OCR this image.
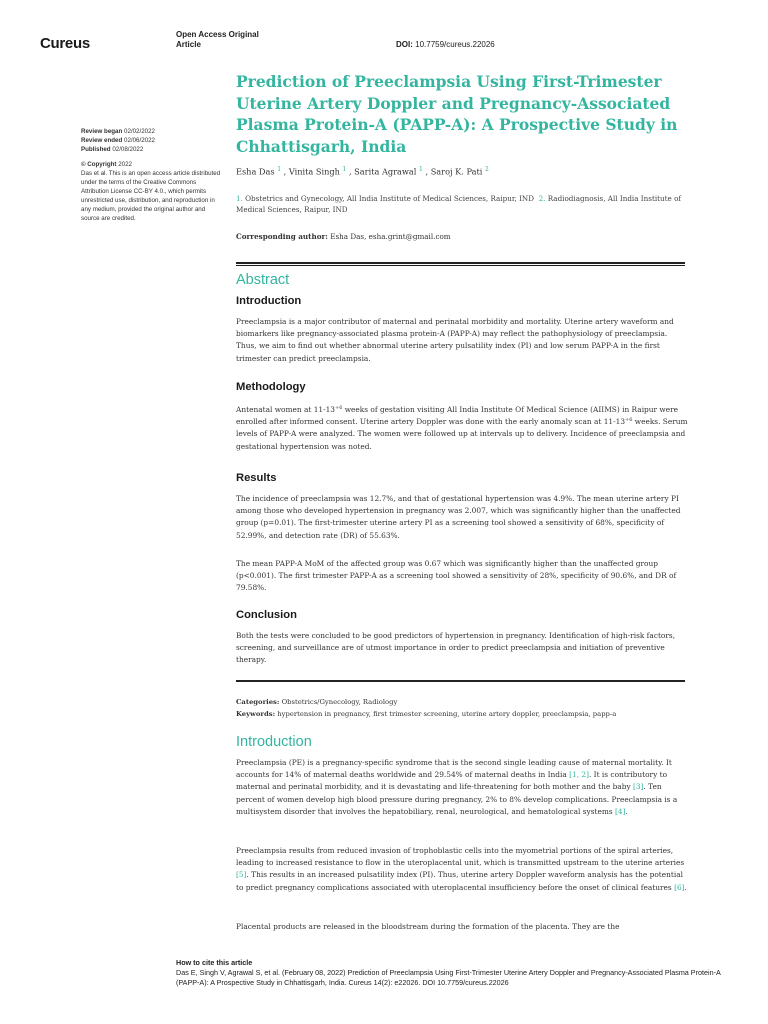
Cureus
Open Access Original
Article	DOI: 10.7759/cureus.22026
Prediction of Preeclampsia Using First-Trimester Uterine Artery Doppler and Pregnancy-Associated Plasma Protein-A (PAPP-A): A Prospective Study in Chhattisgarh, India
Esha Das $^1$ , Vinita Singh $^1$ , Sarita Agrawal $^1$ , Saroj K. Pati $^2$
1. Obstetrics and Gynecology, All India Institute of Medical Sciences, Raipur, IND 2. Radiodiagnosis, All India Institute of Medical Sciences, Raipur, IND
Corresponding author: Esha Das, esha.grint@gmail.com
Review began 02/02/2022
Review ended 02/06/2022
Published 02/08/2022
© Copyright 2022
Das et al. This is an open access article distributed under the terms of the Creative Commons Attribution License CC-BY 4.0., which permits unrestricted use, distribution, and reproduction in any medium, provided the original author and source are credited.
Abstract
Introduction
Preeclampsia is a major contributor of maternal and perinatal morbidity and mortality. Uterine artery waveform and biomarkers like pregnancy-associated plasma protein-A (PAPP-A) may reflect the pathophysiology of preeclampsia. Thus, we aim to find out whether abnormal uterine artery pulsatility index (PI) and low serum PAPP-A in the first trimester can predict preeclampsia.
Methodology
Antenatal women at $11-13^{+6}$ weeks of gestation visiting All India Institute Of Medical Science (AIIMS) in Raipur were enrolled after informed consent. Uterine artery Doppler was done with the early anomaly scan at $11-13^{+6}$ weeks. Serum levels of PAPP-A were analyzed. The women were followed up at intervals up to delivery. Incidence of preeclampsia and gestational hypertension was noted.
Results
The incidence of preeclampsia was 12.7%, and that of gestational hypertension was 4.9%. The mean uterine artery PI among those who developed hypertension in pregnancy was 2.007, which was significantly higher than the unaffected group (p=0.01). The first-trimester uterine artery PI as a screening tool showed a sensitivity of 68%, specificity of 52.99%, and detection rate (DR) of 55.63%.
The mean PAPP-A MoM of the affected group was 0.67 which was significantly higher than the unaffected group (p<0.001). The first trimester PAPP-A as a screening tool showed a sensitivity of 28%, specificity of 90.6%, and DR of 79.58%.
Conclusion
Both the tests were concluded to be good predictors of hypertension in pregnancy. Identification of high-risk factors, screening, and surveillance are of utmost importance in order to predict preeclampsia and initiation of preventive therapy.
Categories: Obstetrics/Gynecology, Radiology
Keywords: hypertension in pregnancy, first trimester screening, uterine artery doppler, preeclampsia, papp-a
Introduction
Preeclampsia (PE) is a pregnancy-specific syndrome that is the second single leading cause of maternal mortality. It accounts for 14% of maternal deaths worldwide and 29.54% of maternal deaths in India [1, 2]. It is contributory to maternal and perinatal morbidity, and it is devastating and life-threatening for both mother and the baby [3]. Ten percent of women develop high blood pressure during pregnancy, 2% to 8% develop complications. Preeclampsia is a multisystem disorder that involves the hepatobiliary, renal, neurological, and hematological systems [4].
Preeclampsia results from reduced invasion of trophoblastic cells into the myometrial portions of the spiral arteries, leading to increased resistance to flow in the uteroplacental unit, which is transmitted upstream to the uterine arteries [5]. This results in an increased pulsatility index (PI). Thus, uterine artery Doppler waveform analysis has the potential to predict pregnancy complications associated with uteroplacental insufficiency before the onset of clinical features [6].
Placental products are released in the bloodstream during the formation of the placenta. They are the
How to cite this article
Das E, Singh V, Agrawal S, et al. (February 08, 2022) Prediction of Preeclampsia Using First-Trimester Uterine Artery Doppler and Pregnancy-Associated Plasma Protein-A (PAPP-A): A Prospective Study in Chhattisgarh, India. Cureus 14(2): e22026. DOI 10.7759/cureus.22026
